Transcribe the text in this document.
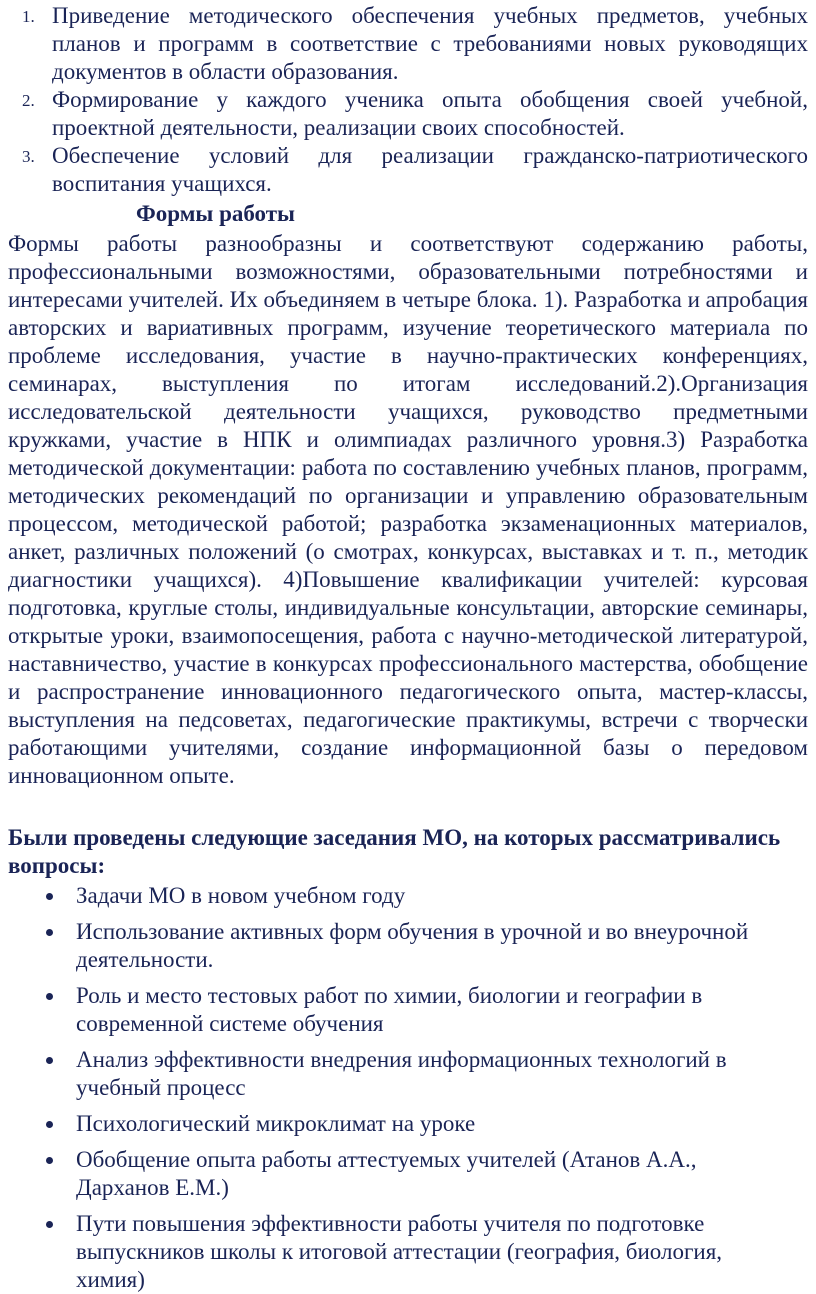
1. Приведение методического обеспечения учебных предметов, учебных планов и программ в соответствие с требованиями новых руководящих документов в области образования.
2. Формирование у каждого ученика опыта обобщения своей учебной, проектной деятельности, реализации своих способностей.
3. Обеспечение условий для реализации гражданско-патриотического воспитания учащихся.
Формы работы

Формы работы разнообразны и соответствуют содержанию работы, профессиональными возможностями, образовательными потребностями и интересами учителей. Их объединяем в четыре блока. 1). Разработка и апробация авторских и вариативных программ, изучение теоретического материала по проблеме исследования, участие в научно-практических конференциях, семинарах, выступления по итогам исследований.2).Организация исследовательской деятельности учащихся, руководство предметными кружками, участие в НПК и олимпиадах различного уровня.3) Разработка методической документации: работа по составлению учебных планов, программ, методических рекомендаций по организации и управлению образовательным процессом, методической работой; разработка экзаменационных материалов, анкет, различных положений (о смотрах, конкурсах, выставках и т. п., методик диагностики учащихся). 4)Повышение квалификации учителей: курсовая подготовка, круглые столы, индивидуальные консультации, авторские семинары, открытые уроки, взаимопосещения, работа с научно-методической литературой, наставничество, участие в конкурсах профессионального мастерства, обобщение и распространение инновационного педагогического опыта, мастер-классы, выступления на педсоветах, педагогические практикумы, встречи с творчески работающими учителями, создание информационной базы о передовом инновационном опыте.

Были проведены следующие заседания МО, на которых рассматривались вопросы:
Задачи МО в новом учебном году
Использование активных форм обучения в урочной и во внеурочной деятельности.
Роль и место тестовых работ по химии, биологии и географии в современной системе обучения
Анализ эффективности внедрения информационных технологий в учебный процесс
Психологический микроклимат на уроке
Обобщение опыта работы аттестуемых учителей (Атанов А.А., Дарханов Е.М.)
Пути повышения эффективности работы учителя по подготовке выпускников школы к итоговой аттестации (география, биология, химия)
